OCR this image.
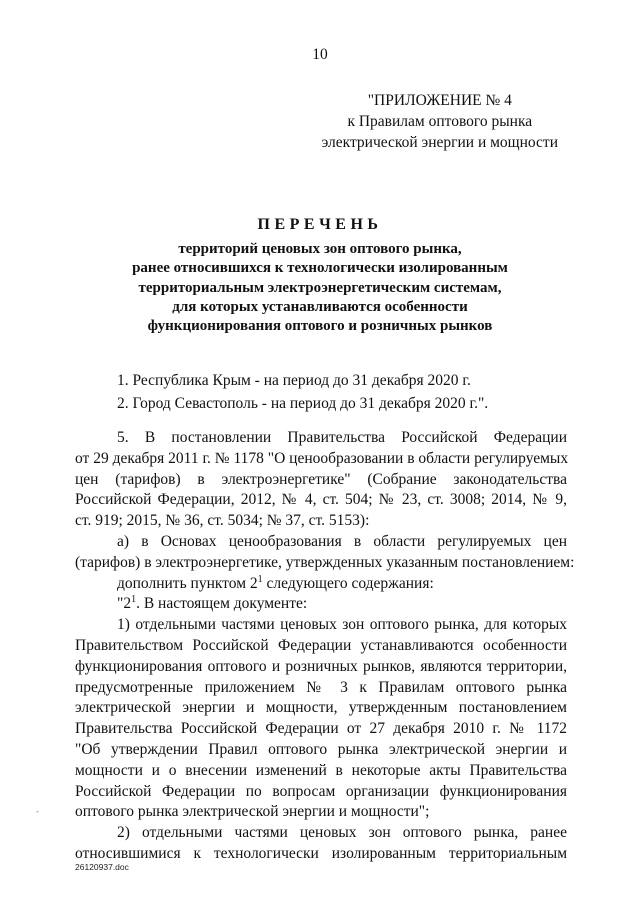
10
"ПРИЛОЖЕНИЕ № 4
к Правилам оптового рынка
электрической энергии и мощности
ПЕРЕЧЕНЬ
территорий ценовых зон оптового рынка,
ранее относившихся к технологически изолированным
территориальным электроэнергетическим системам,
для которых устанавливаются особенности
функционирования оптового и розничных рынков
1. Республика Крым - на период до 31 декабря 2020 г.
2. Город Севастополь - на период до 31 декабря 2020 г.".

5. В постановлении Правительства Российской Федерации
от 29 декабря 2011 г. № 1178 "О ценообразовании в области регулируемых
цен (тарифов) в электроэнергетике" (Собрание законодательства
Российской Федерации, 2012, № 4, ст. 504; № 23, ст. 3008; 2014, № 9,
ст. 919; 2015, № 36, ст. 5034; № 37, ст. 5153):

а) в Основах ценообразования в области регулируемых цен
(тарифов) в электроэнергетике, утвержденных указанным постановлением:

дополнить пунктом $2^1$ следующего содержания:

"$2^1$. В настоящем документе:

1) отдельными частями ценовых зон оптового рынка, для которых
Правительством Российской Федерации устанавливаются особенности
функционирования оптового и розничных рынков, являются территории,
предусмотренные приложением № 3 к Правилам оптового рынка
электрической энергии и мощности, утвержденным постановлением
Правительства Российской Федерации от 27 декабря 2010 г. № 1172
"Об утверждении Правил оптового рынка электрической энергии и
мощности и о внесении изменений в некоторые акты Правительства
Российской Федерации по вопросам организации функционирования
оптового рынка электрической энергии и мощности";

2) отдельными частями ценовых зон оптового рынка, ранее
относившимися к технологически изолированным территориальным

-
26120937.doc
